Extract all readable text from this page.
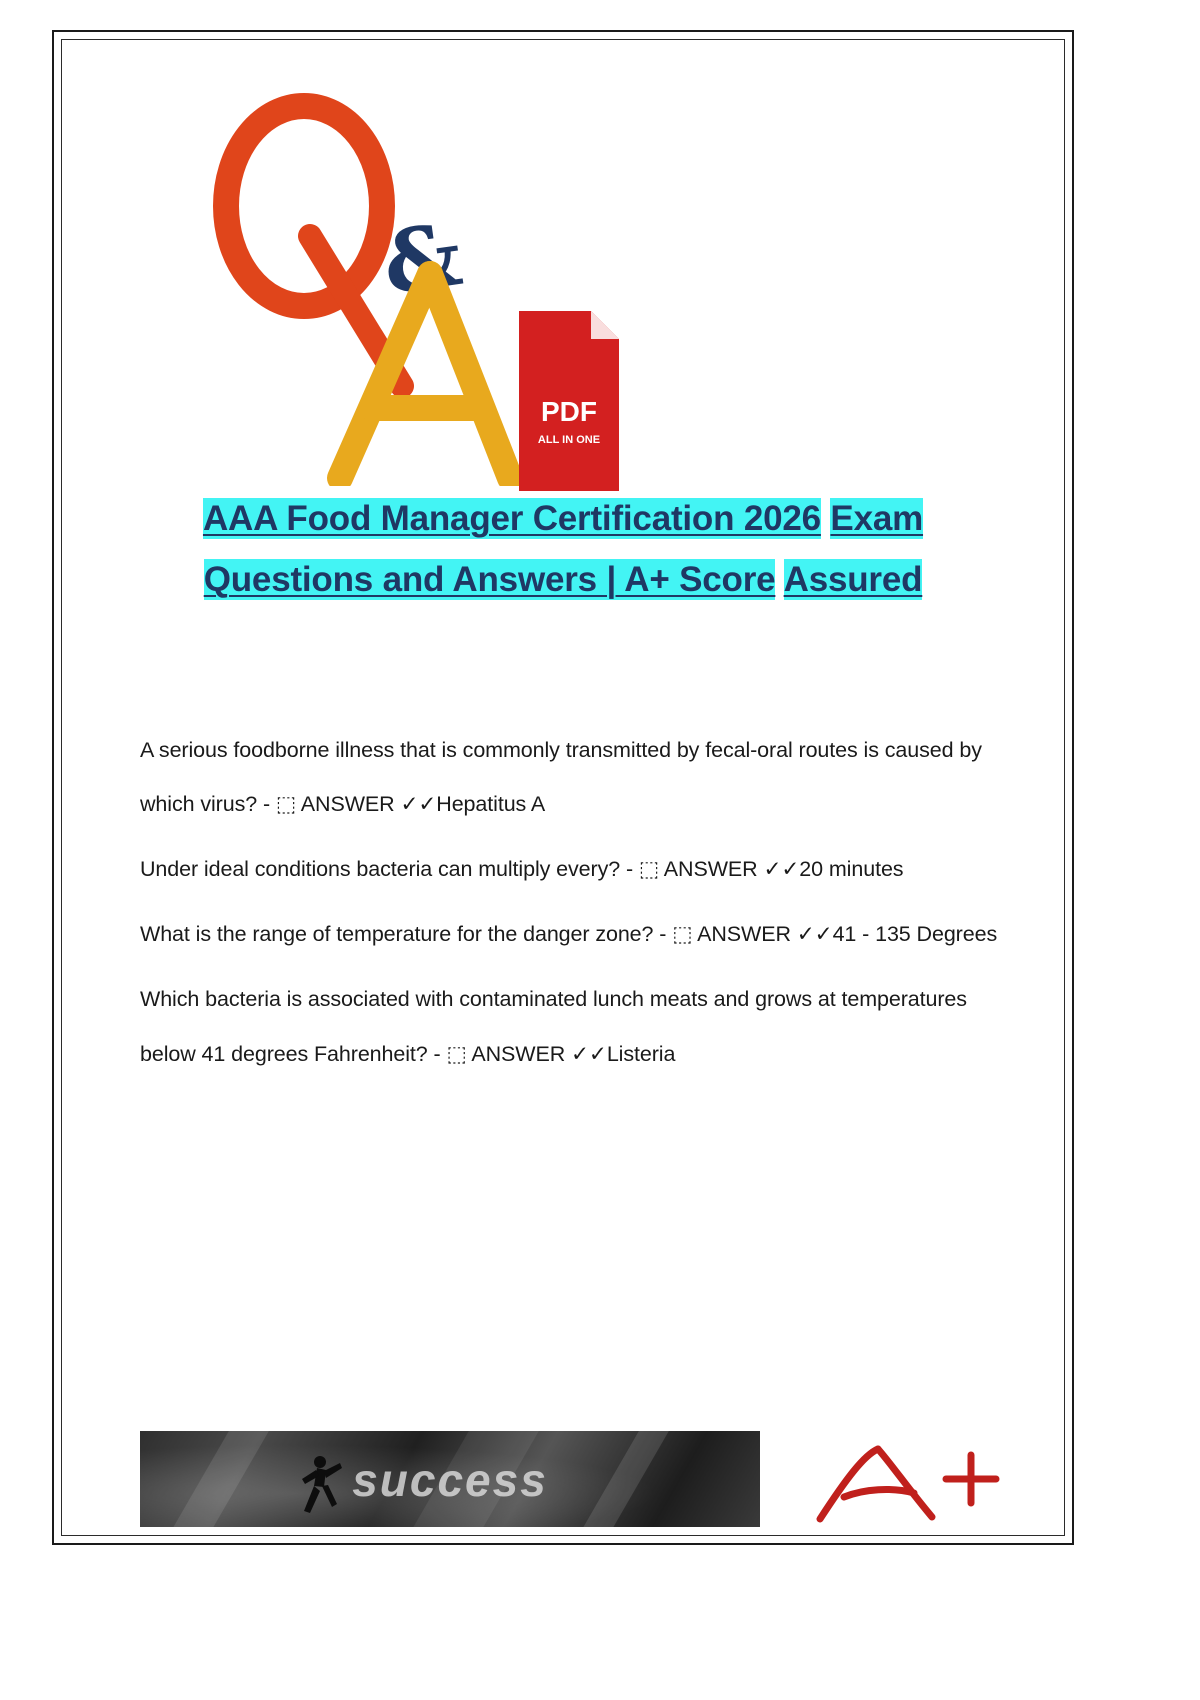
&
PDF
ALL IN ONE
AAA Food Manager Certification 2026 Exam Questions and Answers | A+ Score Assured

A serious foodborne illness that is commonly transmitted by fecal-oral routes is caused by which virus? - ⬚ ANSWER ✓✓Hepatitus A

Under ideal conditions bacteria can multiply every? - ⬚ ANSWER ✓✓20 minutes

What is the range of temperature for the danger zone? - ⬚ ANSWER ✓✓41 - 135 Degrees

Which bacteria is associated with contaminated lunch meats and grows at temperatures below 41 degrees Fahrenheit? - ⬚ ANSWER ✓✓Listeria

success
